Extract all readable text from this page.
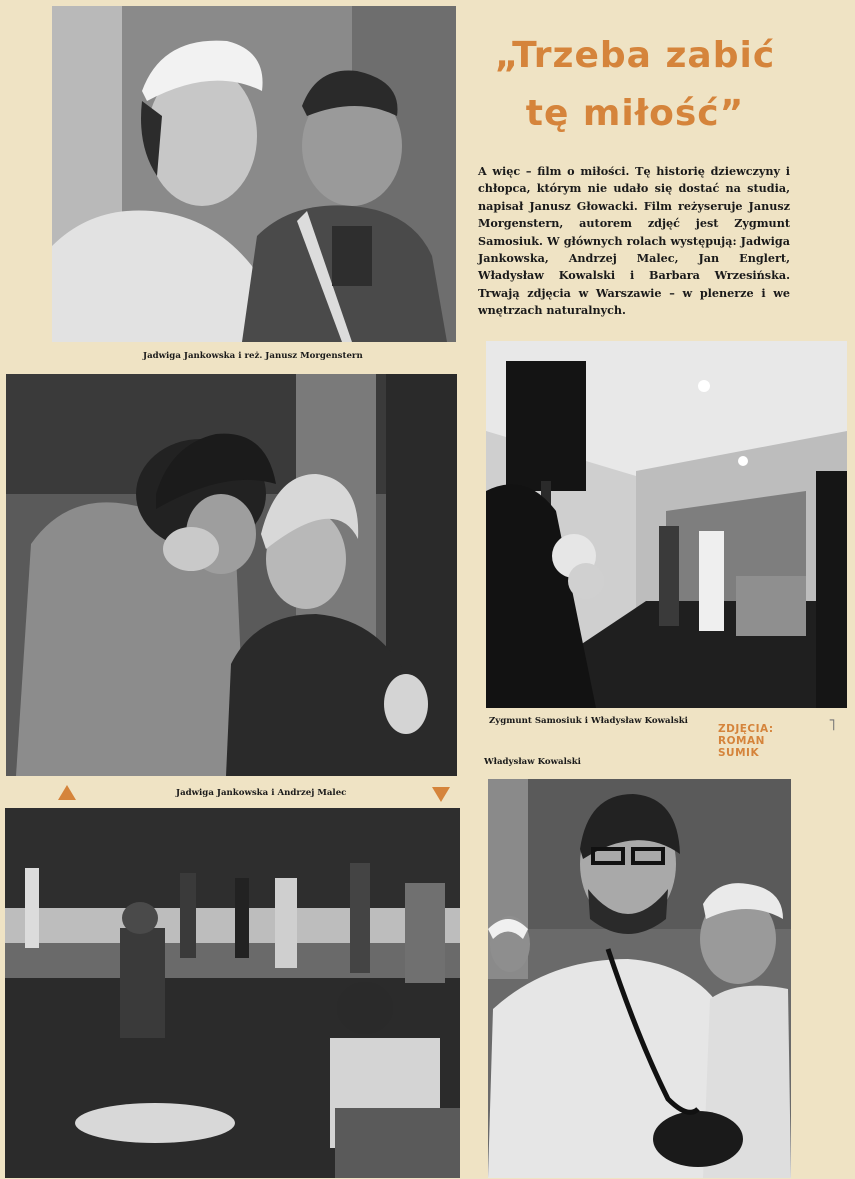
„Trzeba zabić
tę miłość”

A więc – film o miłości. Tę historię dziewczyny i chłopca, którym nie udało się dostać na studia, napisał Janusz Głowacki. Film reżyseruje Janusz Morgenstern, autorem zdjęć jest Zygmunt Samosiuk. W głównych rolach występują: Jadwiga Jankowska, Andrzej Malec, Jan Englert, Władysław Kowalski i Barbara Wrzesińska. Trwają zdjęcia w Warszawie – w plenerze i we wnętrzach naturalnych.

Jadwiga Jankowska i reż. Janusz Morgenstern

Zygmunt Samosiuk i Władysław Kowalski

ZDJĘCIA:
ROMAN
SUMIK

˥

Władysław Kowalski

Jadwiga Jankowska i Andrzej Malec
